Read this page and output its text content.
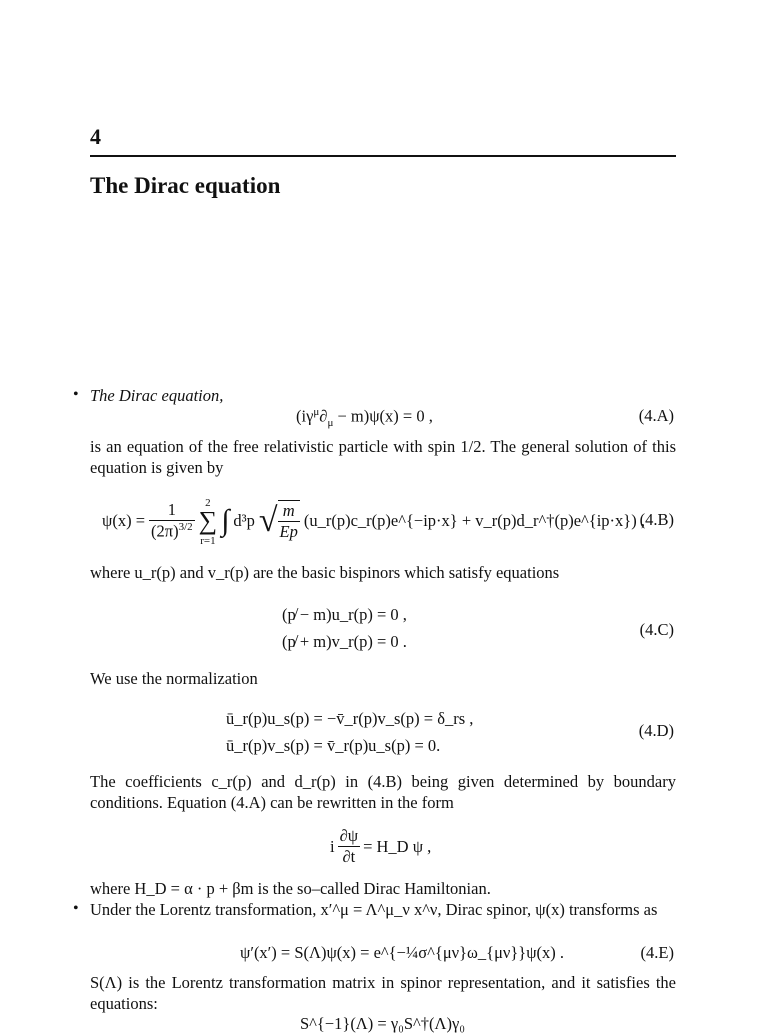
4
The Dirac equation
• The Dirac equation,
$(i\gamma^\mu\partial_\mu - m)\psi(x) = 0$ ,	(4.A)
is an equation of the free relativistic particle with spin 1/2. The general solution of this equation is given by
$\psi(x) = \frac{1}{(2\pi)^{3/2}} 2$
∑
r=1
∫ d³p √ $\frac{m}{Ep}$ (u_r(p)c_r(p)e^{−ip·x} + v_r(p)d_r^†(p)e^{ip·x}) ,
(4.B)
where u_r(p) and v_r(p) are the basic bispinors which satisfy equations
(p̸ − m)u_r(p) = 0 ,
(p̸ + m)v_r(p) = 0 .
(4.C)
We use the normalization
ū_r(p)u_s(p) = −v̄_r(p)v_s(p) = δ_rs ,
ū_r(p)v_s(p) = v̄_r(p)u_s(p) = 0.
(4.D)
The coefficients c_r(p) and d_r(p) in (4.B) being given determined by boundary conditions. Equation (4.A) can be rewritten in the form
i $\frac{\partial\psi}{\partial t}$ = H_D ψ ,
where H_D = α · p + βm is the so–called Dirac Hamiltonian.
• Under the Lorentz transformation, x′^μ = Λ^μ_ν x^ν, Dirac spinor, ψ(x) transforms as
ψ′(x′) = S(Λ)ψ(x) = e^{−¼σ^{μν}ω_{μν}}ψ(x) .	(4.E)
S(Λ) is the Lorentz transformation matrix in spinor representation, and it satisfies the equations:
S^{−1}(Λ) = γ₀S^†(Λ)γ₀
